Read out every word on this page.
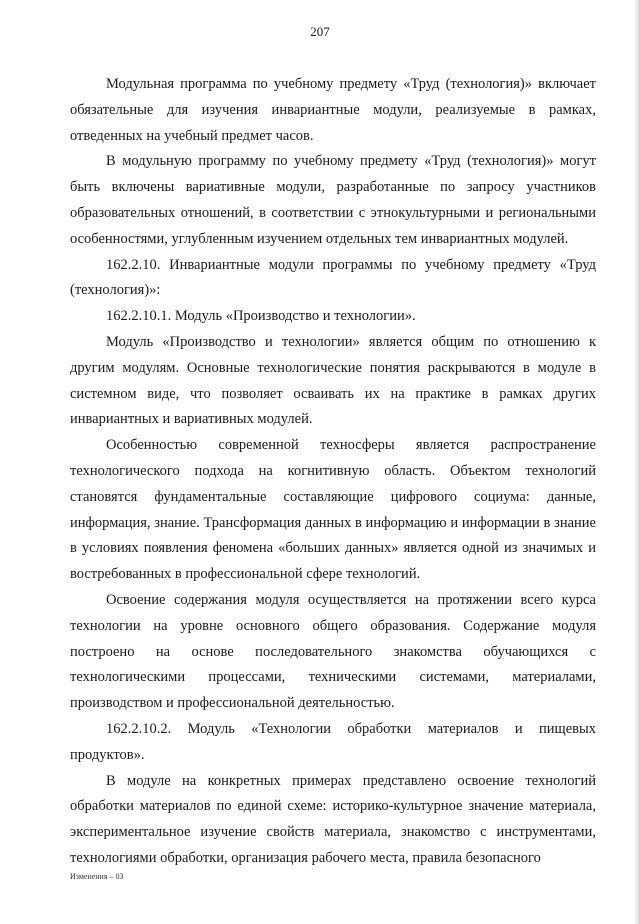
207

Модульная программа по учебному предмету «Труд (технология)» включает обязательные для изучения инвариантные модули, реализуемые в рамках, отведенных на учебный предмет часов.

В модульную программу по учебному предмету «Труд (технология)» могут быть включены вариативные модули, разработанные по запросу участников образовательных отношений, в соответствии с этнокультурными и региональными особенностями, углубленным изучением отдельных тем инвариантных модулей.

162.2.10. Инвариантные модули программы по учебному предмету «Труд (технология)»:

162.2.10.1. Модуль «Производство и технологии».

Модуль «Производство и технологии» является общим по отношению к другим модулям. Основные технологические понятия раскрываются в модуле в системном виде, что позволяет осваивать их на практике в рамках других инвариантных и вариативных модулей.

Особенностью современной техносферы является распространение технологического подхода на когнитивную область. Объектом технологий становятся фундаментальные составляющие цифрового социума: данные, информация, знание. Трансформация данных в информацию и информации в знание в условиях появления феномена «больших данных» является одной из значимых и востребованных в профессиональной сфере технологий.

Освоение содержания модуля осуществляется на протяжении всего курса технологии на уровне основного общего образования. Содержание модуля построено на основе последовательного знакомства обучающихся с технологическими процессами, техническими системами, материалами, производством и профессиональной деятельностью.

162.2.10.2. Модуль «Технологии обработки материалов и пищевых продуктов».

В модуле на конкретных примерах представлено освоение технологий обработки материалов по единой схеме: историко-культурное значение материала, экспериментальное изучение свойств материала, знакомство с инструментами, технологиями обработки, организация рабочего места, правила безопасного

Изменения – 03
